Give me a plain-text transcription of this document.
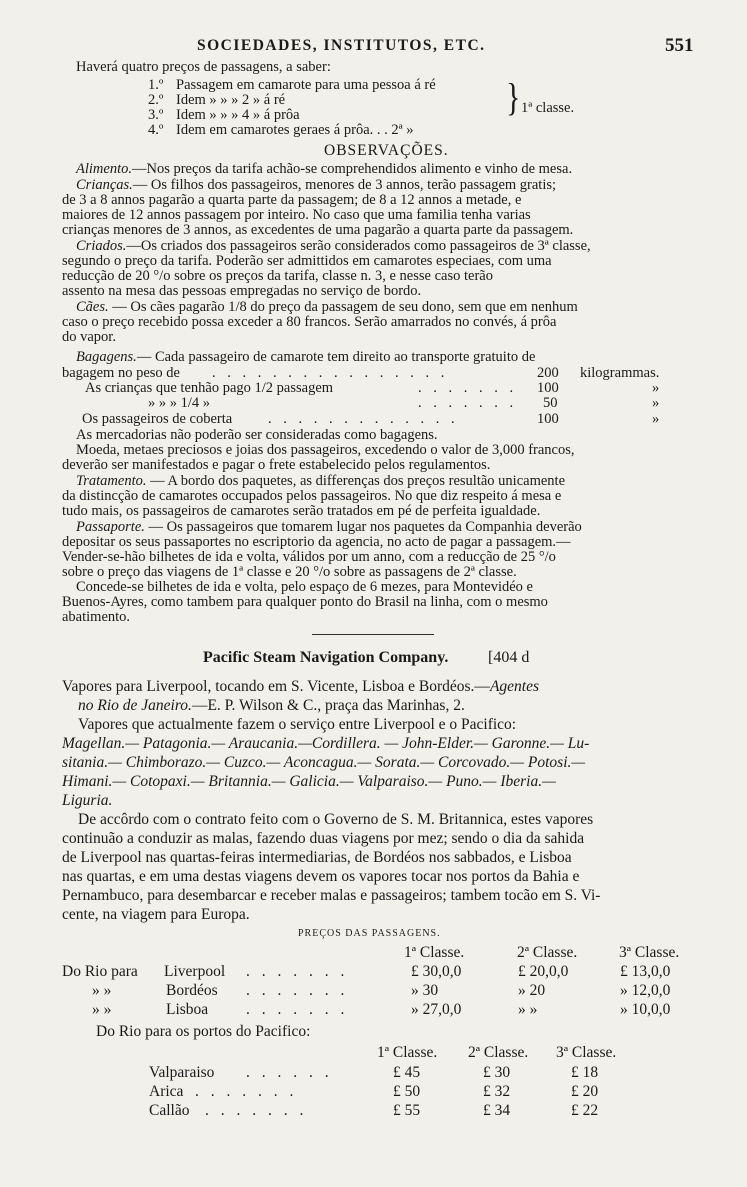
SOCIEDADES, INSTITUTOS, ETC.	551
Haverá quatro preços de passagens, a saber:
1.º Passagem em camarote para uma pessoa á ré
2.º Idem » » » 2 » á ré
3.º Idem » » » 4 » á prôa
4.º Idem em camarotes geraes á prôa. . . 2ª »
} 1ª classe.
OBSERVAÇÕES.
Alimento.—Nos preços da tarifa achão-se comprehendidos alimento e vinho de mesa.
Crianças.— Os filhos dos passageiros, menores de 3 annos, terão passagem gratis;
de 3 a 8 annos pagarão a quarta parte da passagem; de 8 a 12 annos a metade, e
maiores de 12 annos passagem por inteiro. No caso que uma familia tenha varias
crianças menores de 3 annos, as excedentes de uma pagarão a quarta parte da passagem.
Criados.—Os criados dos passageiros serão considerados como passageiros de 3ª classe,
segundo o preço da tarifa. Poderão ser admittidos em camarotes especiaes, com uma
reducção de 20 °/o sobre os preços da tarifa, classe n. 3, e nesse caso terão
assento na mesa das pessoas empregadas no serviço de bordo.
Cães. — Os cães pagarão 1/8 do preço da passagem de seu dono, sem que em nenhum
caso o preço recebido possa exceder a 80 francos. Serão amarrados no convés, á prôa
do vapor.
Bagagens.— Cada passageiro de camarote tem direito ao transporte gratuito de
bagagem no peso de . . . . . . . . . . . . . . . .	200 kilogrammas.
As crianças que tenhão pago 1/2 passagem	. . . . . . . 100	»
» » » 1/4 »	. . . . . . . 50	»
Os passageiros de coberta . . . . . . . . . . . . .	100	»
As mercadorias não poderão ser consideradas como bagagens.
Moeda, metaes preciosos e joias dos passageiros, excedendo o valor de 3,000 francos,
deverão ser manifestados e pagar o frete estabelecido pelos regulamentos.
Tratamento. — A bordo dos paquetes, as differenças dos preços resultão unicamente
da distincção de camarotes occupados pelos passageiros. No que diz respeito á mesa e
tudo mais, os passageiros de camarotes serão tratados em pé de perfeita igualdade.
Passaporte. — Os passageiros que tomarem lugar nos paquetes da Companhia deverão
depositar os seus passaportes no escriptorio da agencia, no acto de pagar a passagem.—
Vender-se-hão bilhetes de ida e volta, válidos por um anno, com a reducção de 25 °/o
sobre o preço das viagens de 1ª classe e 20 °/o sobre as passagens de 2ª classe.
Concede-se bilhetes de ida e volta, pelo espaço de 6 mezes, para Montevidéo e
Buenos-Ayres, como tambem para qualquer ponto do Brasil na linha, com o mesmo
abatimento.
Pacific Steam Navigation Company. [404 d
Vapores para Liverpool, tocando em S. Vicente, Lisboa e Bordéos.—Agentes
no Rio de Janeiro.—E. P. Wilson & C., praça das Marinhas, 2.
Vapores que actualmente fazem o serviço entre Liverpool e o Pacifico:
Magellan.— Patagonia.— Araucania.—Cordillera. — John-Elder.— Garonne.— Lu-
sitania.— Chimborazo.— Cuzco.— Aconcagua.— Sorata.— Corcovado.— Potosi.—
Himani.— Cotopaxi.— Britannia.— Galicia.— Valparaiso.— Puno.— Iberia.—
Liguria.
De accôrdo com o contrato feito com o Governo de S. M. Britannica, estes vapores
continuão a conduzir as malas, fazendo duas viagens por mez; sendo o dia da sahida
de Liverpool nas quartas-feiras intermediarias, de Bordéos nos sabbados, e Lisboa
nas quartas, e em uma destas viagens devem os vapores tocar nos portos da Bahia e
Pernambuco, para desembarcar e receber malas e passageiros; tambem tocão em S. Vi-
cente, na viagem para Europa.
PREÇOS DAS PASSAGENS.
1ª Classe.	2ª Classe.	3ª Classe.
Do Rio para Liverpool . . . . . . .	£ 30,0,0	£ 20,0,0	£ 13,0,0
» »	Bordéos . . . . . . .	» 30	» 20	» 12,0,0
» »	Lisboa . . . . . . .	» 27,0,0	» »	» 10,0,0
Do Rio para os portos do Pacifico:
1ª Classe. 2ª Classe. 3ª Classe.
Valparaiso . . . . . .	£ 45	£ 30	£ 18
Arica . . . . . . .	£ 50	£ 32	£ 20
Callão . . . . . . .	£ 55	£ 34	£ 22
